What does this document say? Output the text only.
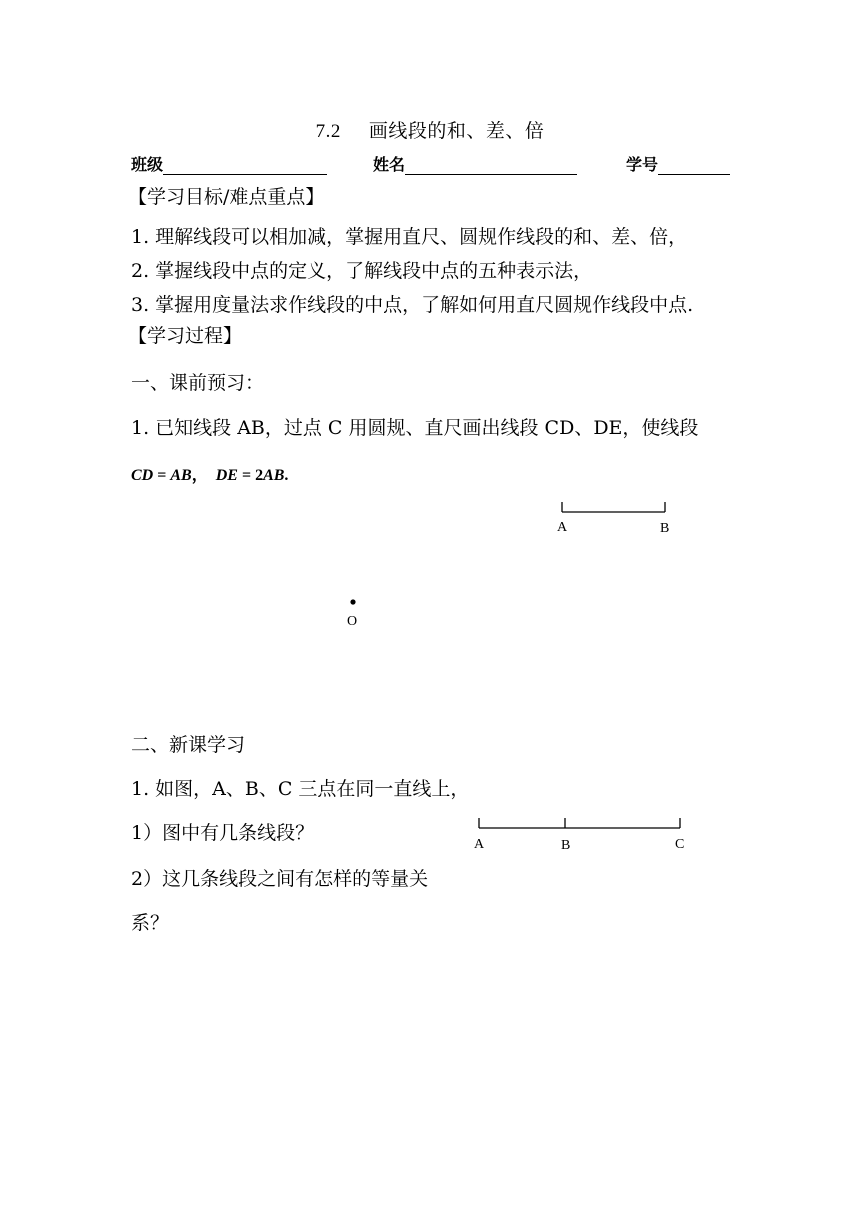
7.2 画线段的和、差、倍
班级	姓名	学号
【学习目标/难点重点】
1. 理解线段可以相加减，掌握用直尺、圆规作线段的和、差、倍，
2. 掌握线段中点的定义，了解线段中点的五种表示法，
3. 掌握用度量法求作线段的中点，了解如何用直尺圆规作线段中点.
【学习过程】
一、课前预习：
1. 已知线段 AB，过点 C 用圆规、直尺画出线段 CD、DE，使线段
CD = AB，  DE = 2AB.
A	B
O
二、新课学习
1. 如图，A、B、C 三点在同一直线上，
1）图中有几条线段？
2）这几条线段之间有怎样的等量关
系？
A	B	C
